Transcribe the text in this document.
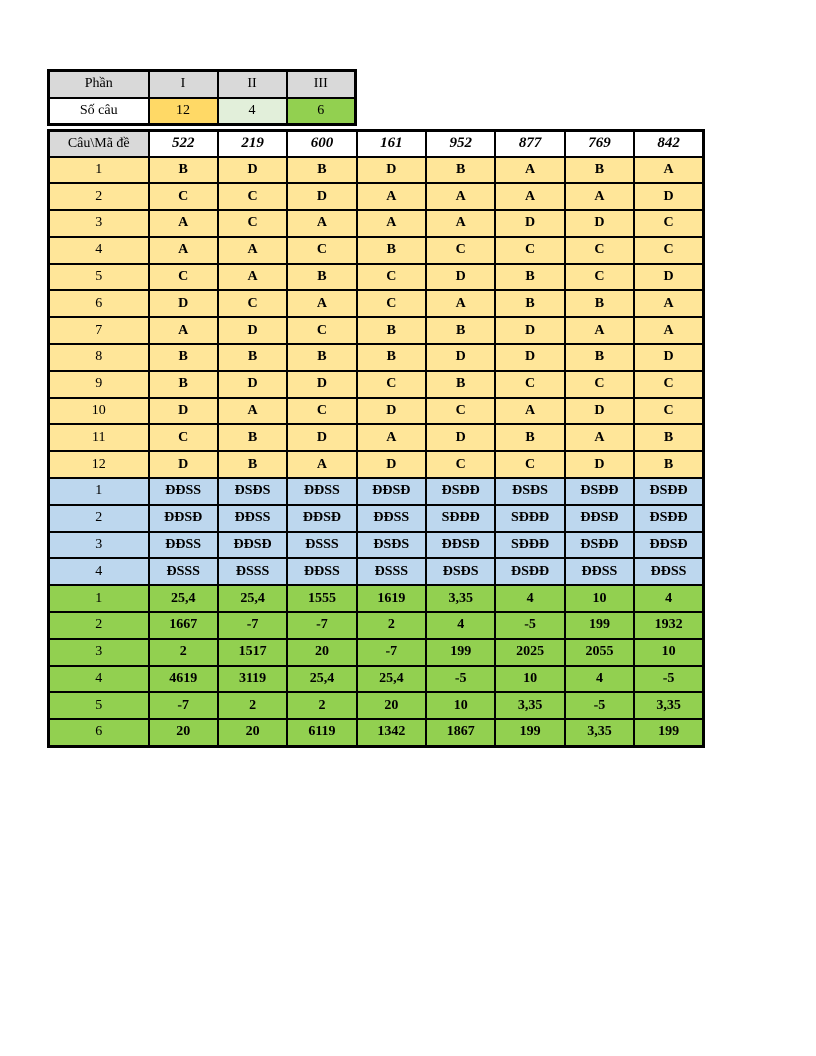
Phần	I	II	III
Số câu	12	4	6
Câu\Mã đề	522	219	600	161	952	877	769	842
1	B	D	B	D	B	A	B	A
2	C	C	D	A	A	A	A	D
3	A	C	A	A	A	D	D	C
4	A	A	C	B	C	C	C	C
5	C	A	B	C	D	B	C	D
6	D	C	A	C	A	B	B	A
7	A	D	C	B	B	D	A	A
8	B	B	B	B	D	D	B	D
9	B	D	D	C	B	C	C	C
10	D	A	C	D	C	A	D	C
11	C	B	D	A	D	B	A	B
12	D	B	A	D	C	C	D	B
1	ĐĐSS	ĐSĐS	ĐĐSS	ĐĐSĐ	ĐSĐĐ	ĐSĐS	ĐSĐĐ	ĐSĐĐ
2	ĐĐSĐ	ĐĐSS	ĐĐSĐ	ĐĐSS	SĐĐĐ	SĐĐĐ	ĐĐSĐ	ĐSĐĐ
3	ĐĐSS	ĐĐSĐ	ĐSSS	ĐSĐS	ĐĐSĐ	SĐĐĐ	ĐSĐĐ	ĐĐSĐ
4	ĐSSS	ĐSSS	ĐĐSS	ĐSSS	ĐSĐS	ĐSĐĐ	ĐĐSS	ĐĐSS
1	25,4	25,4	1555	1619	3,35	4	10	4
2	1667	-7	-7	2	4	-5	199	1932
3	2	1517	20	-7	199	2025	2055	10
4	4619	3119	25,4	25,4	-5	10	4	-5
5	-7	2	2	20	10	3,35	-5	3,35
6	20	20	6119	1342	1867	199	3,35	199
